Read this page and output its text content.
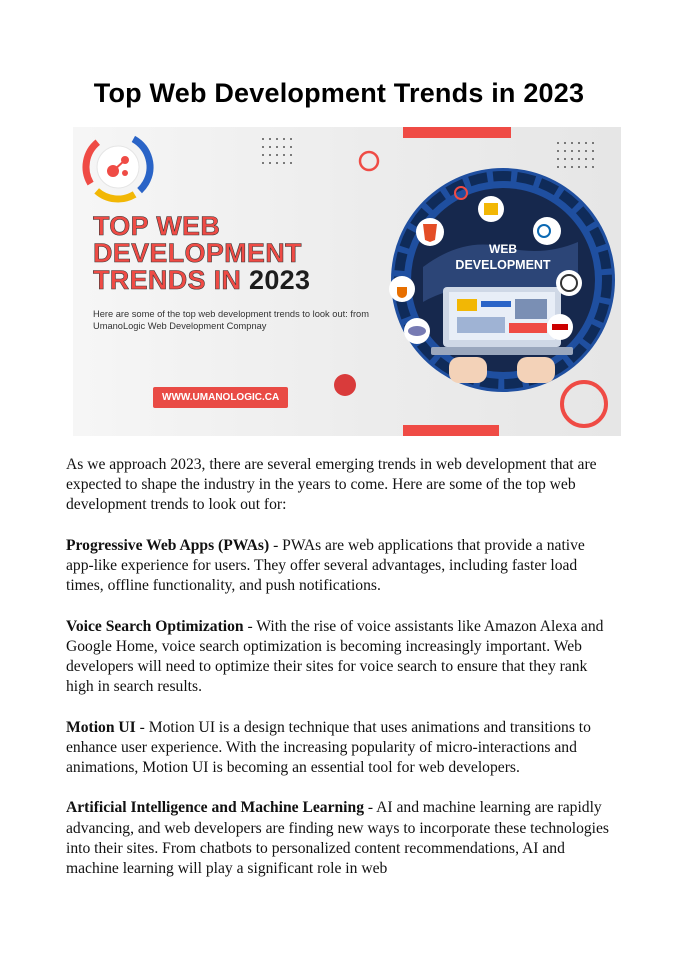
Top Web Development Trends in 2023
TOP WEB
DEVELOPMENT
TRENDS IN 2023
Here are some of the top web development trends to look out: from UmanoLogic Web Development Compnay
WWW.UMANOLOGIC.CA
WEB
DEVELOPMENT

As we approach 2023, there are several emerging trends in web development that are expected to shape the industry in the years to come. Here are some of the top web development trends to look out for:

Progressive Web Apps (PWAs) - PWAs are web applications that provide a native app-like experience for users. They offer several advantages, including faster load times, offline functionality, and push notifications.

Voice Search Optimization - With the rise of voice assistants like Amazon Alexa and Google Home, voice search optimization is becoming increasingly important. Web developers will need to optimize their sites for voice search to ensure that they rank high in search results.

Motion UI - Motion UI is a design technique that uses animations and transitions to enhance user experience. With the increasing popularity of micro-interactions and animations, Motion UI is becoming an essential tool for web developers.

Artificial Intelligence and Machine Learning - AI and machine learning are rapidly advancing, and web developers are finding new ways to incorporate these technologies into their sites. From chatbots to personalized content recommendations, AI and machine learning will play a significant role in web
